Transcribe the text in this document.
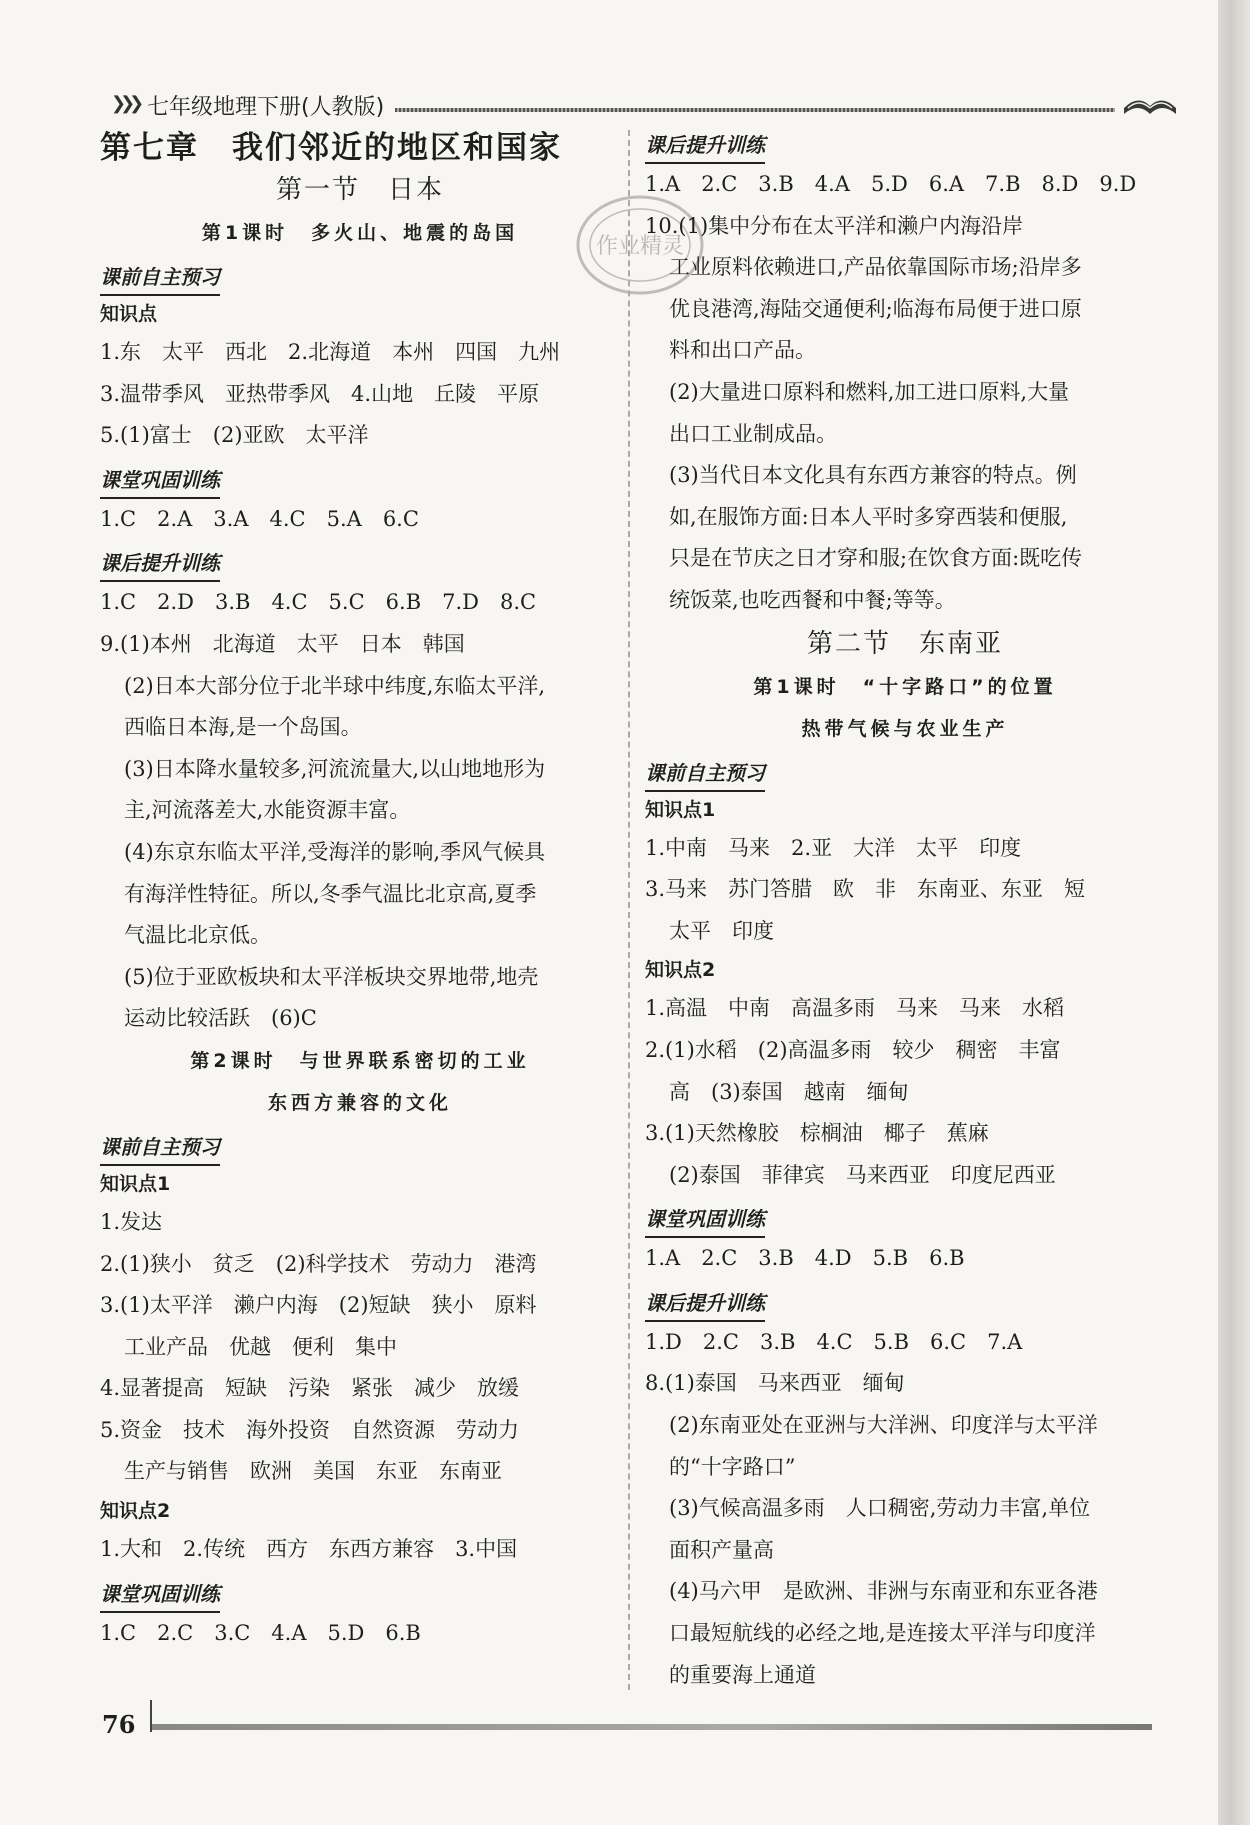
❯❯❯ 七年级地理下册(人教版)
作业精灵
第七章　我们邻近的地区和国家
第一节　日本
第1课时　多火山、地震的岛国
课前自主预习
知识点
1.东　太平　西北　2.北海道　本州　四国　九州
3.温带季风　亚热带季风　4.山地　丘陵　平原
5.(1)富士　(2)亚欧　太平洋
课堂巩固训练
1.C　2.A　3.A　4.C　5.A　6.C
课后提升训练
1.C　2.D　3.B　4.C　5.C　6.B　7.D　8.C
9.(1)本州　北海道　太平　日本　韩国
(2)日本大部分位于北半球中纬度,东临太平洋,
西临日本海,是一个岛国。
(3)日本降水量较多,河流流量大,以山地地形为
主,河流落差大,水能资源丰富。
(4)东京东临太平洋,受海洋的影响,季风气候具
有海洋性特征。所以,冬季气温比北京高,夏季
气温比北京低。
(5)位于亚欧板块和太平洋板块交界地带,地壳
运动比较活跃　(6)C
第2课时　与世界联系密切的工业
东西方兼容的文化
课前自主预习
知识点1
1.发达
2.(1)狭小　贫乏　(2)科学技术　劳动力　港湾
3.(1)太平洋　濑户内海　(2)短缺　狭小　原料
工业产品　优越　便利　集中
4.显著提高　短缺　污染　紧张　减少　放缓
5.资金　技术　海外投资　自然资源　劳动力
生产与销售　欧洲　美国　东亚　东南亚
知识点2
1.大和　2.传统　西方　东西方兼容　3.中国
课堂巩固训练
1.C　2.C　3.C　4.A　5.D　6.B
课后提升训练
1.A　2.C　3.B　4.A　5.D　6.A　7.B　8.D　9.D
10.(1)集中分布在太平洋和濑户内海沿岸
工业原料依赖进口,产品依靠国际市场;沿岸多
优良港湾,海陆交通便利;临海布局便于进口原
料和出口产品。
(2)大量进口原料和燃料,加工进口原料,大量
出口工业制成品。
(3)当代日本文化具有东西方兼容的特点。例
如,在服饰方面:日本人平时多穿西装和便服,
只是在节庆之日才穿和服;在饮食方面:既吃传
统饭菜,也吃西餐和中餐;等等。
第二节　东南亚
第1课时　“十字路口”的位置
热带气候与农业生产
课前自主预习
知识点1
1.中南　马来　2.亚　大洋　太平　印度
3.马来　苏门答腊　欧　非　东南亚、东亚　短
太平　印度
知识点2
1.高温　中南　高温多雨　马来　马来　水稻
2.(1)水稻　(2)高温多雨　较少　稠密　丰富
高　(3)泰国　越南　缅甸
3.(1)天然橡胶　棕榈油　椰子　蕉麻
(2)泰国　菲律宾　马来西亚　印度尼西亚
课堂巩固训练
1.A　2.C　3.B　4.D　5.B　6.B
课后提升训练
1.D　2.C　3.B　4.C　5.B　6.C　7.A
8.(1)泰国　马来西亚　缅甸
(2)东南亚处在亚洲与大洋洲、印度洋与太平洋
的“十字路口”
(3)气候高温多雨　人口稠密,劳动力丰富,单位
面积产量高
(4)马六甲　是欧洲、非洲与东南亚和东亚各港
口最短航线的必经之地,是连接太平洋与印度洋
的重要海上通道
76
